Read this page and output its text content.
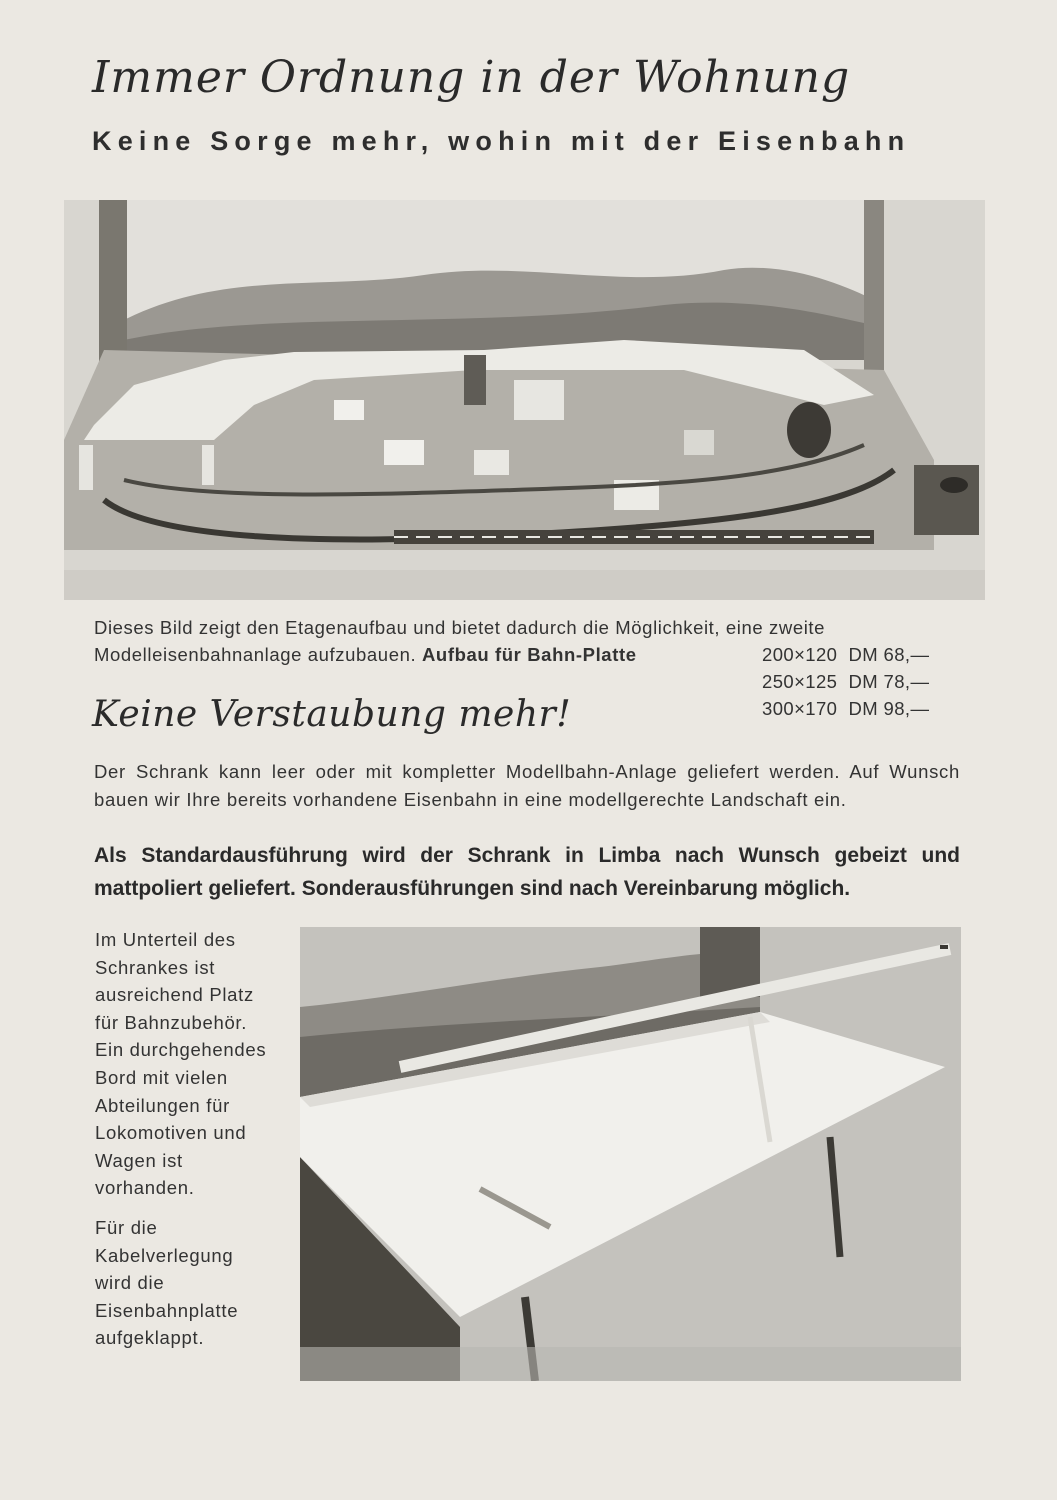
Immer Ordnung in der Wohnung
Keine Sorge mehr, wohin mit der Eisenbahn
Dieses Bild zeigt den Etagenaufbau und bietet dadurch die Möglichkeit, eine zweite
Modelleisenbahnanlage aufzubauen. Aufbau für Bahn-Platte	200×120 DM 68,—
250×125 DM 78,—
300×170 DM 98,—
Keine Verstaubung mehr!
Der Schrank kann leer oder mit kompletter Modellbahn-Anlage geliefert werden. Auf Wunsch bauen wir Ihre bereits vorhandene Eisenbahn in eine modellgerechte Landschaft ein.
Als Standardausführung wird der Schrank in Limba nach Wunsch gebeizt und mattpoliert geliefert. Sonderausführungen sind nach Vereinbarung möglich.

Im Unterteil des Schrankes ist ausreichend Platz für Bahnzubehör. Ein durchgehendes Bord mit vielen Abteilungen für Lokomotiven und Wagen ist vorhanden.

Für die Kabelverlegung wird die Eisenbahnplatte aufgeklappt.
